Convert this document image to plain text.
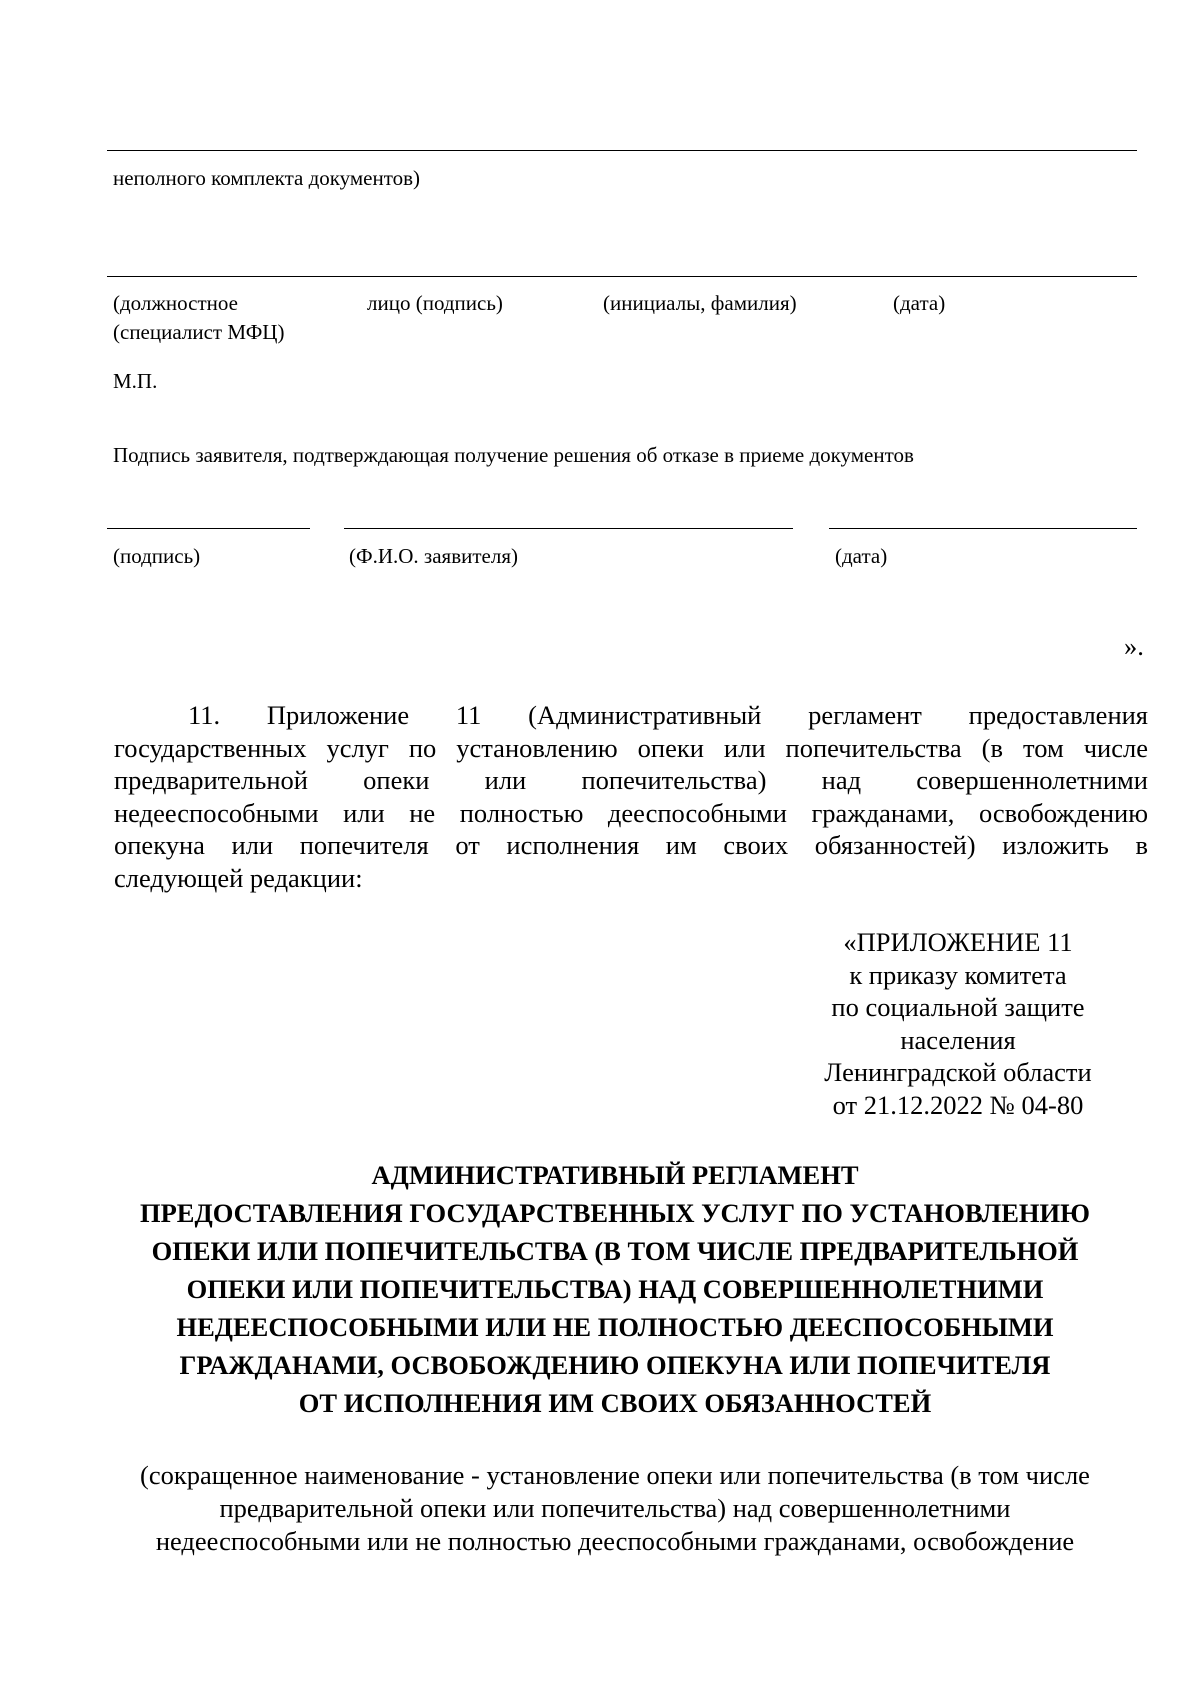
неполного комплекта документов)
(должностное	лицо (подпись)	(инициалы, фамилия)	(дата)
(специалист МФЦ)
М.П.
Подпись заявителя, подтверждающая получение решения об отказе в приеме документов
(подпись)	(Ф.И.О. заявителя)	(дата)
».
11. Приложение 11 (Административный регламент предоставления
государственных услуг по установлению опеки или попечительства (в том числе
предварительной опеки или попечительства) над совершеннолетними
недееспособными или не полностью дееспособными гражданами, освобождению
опекуна или попечителя от исполнения им своих обязанностей) изложить в
следующей редакции:
«ПРИЛОЖЕНИЕ 11
к приказу комитета
по социальной защите
населения
Ленинградской области
от 21.12.2022 № 04-80
АДМИНИСТРАТИВНЫЙ РЕГЛАМЕНТ
ПРЕДОСТАВЛЕНИЯ ГОСУДАРСТВЕННЫХ УСЛУГ ПО УСТАНОВЛЕНИЮ
ОПЕКИ ИЛИ ПОПЕЧИТЕЛЬСТВА (В ТОМ ЧИСЛЕ ПРЕДВАРИТЕЛЬНОЙ
ОПЕКИ ИЛИ ПОПЕЧИТЕЛЬСТВА) НАД СОВЕРШЕННОЛЕТНИМИ
НЕДЕЕСПОСОБНЫМИ ИЛИ НЕ ПОЛНОСТЬЮ ДЕЕСПОСОБНЫМИ
ГРАЖДАНАМИ, ОСВОБОЖДЕНИЮ ОПЕКУНА ИЛИ ПОПЕЧИТЕЛЯ
ОТ ИСПОЛНЕНИЯ ИМ СВОИХ ОБЯЗАННОСТЕЙ
(сокращенное наименование - установление опеки или попечительства (в том числе
предварительной опеки или попечительства) над совершеннолетними
недееспособными или не полностью дееспособными гражданами, освобождение
